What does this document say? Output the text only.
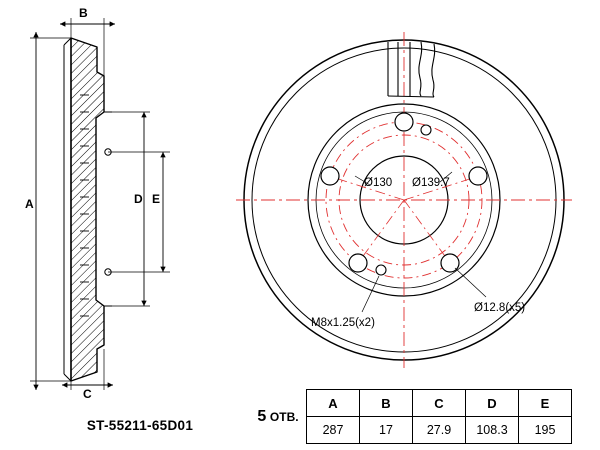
B
A	D E
C
Ø130 Ø139.7
Ø12.8(x5)
M8x1.25(x2)
ST-55211-65D01
5 ОТВ.	A	B	C	D	E
	287	17	27.9	108.3	195
